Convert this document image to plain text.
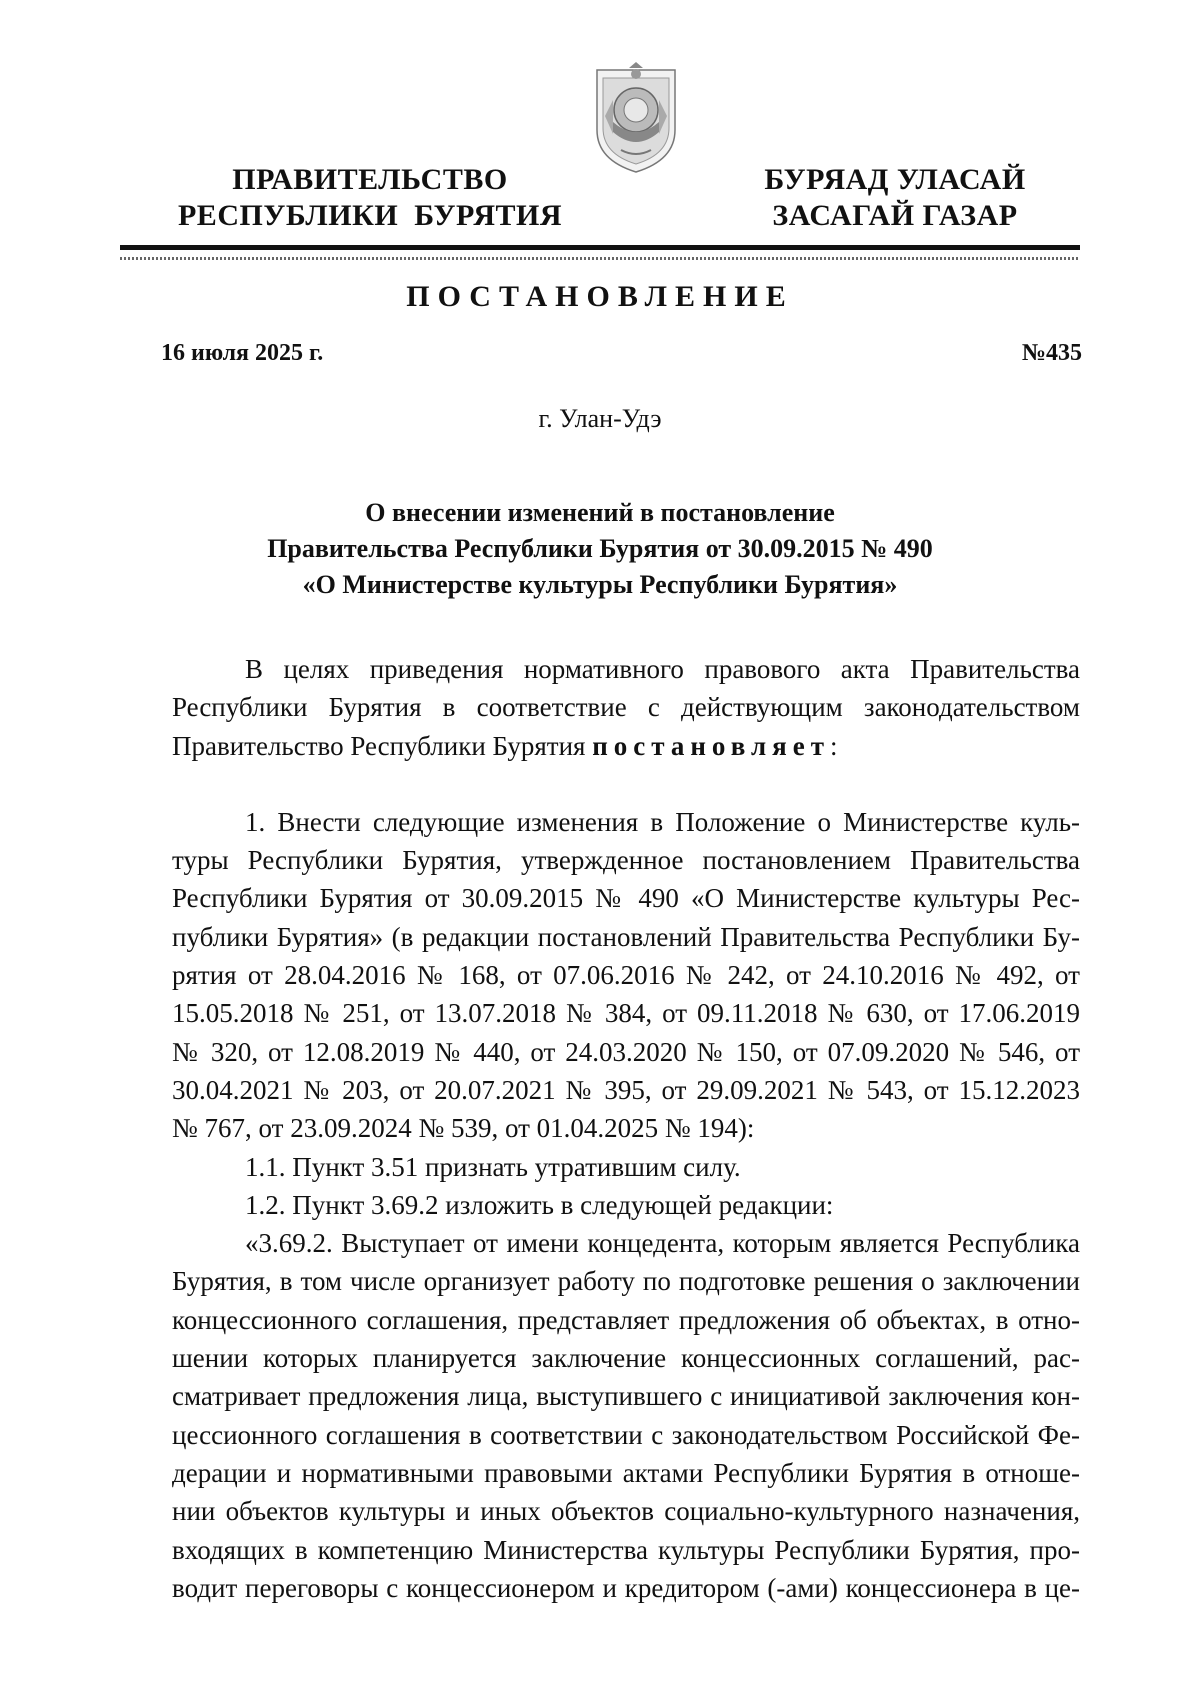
ПРАВИТЕЛЬСТВО
РЕСПУБЛИКИ  БУРЯТИЯ
БУРЯАД УЛАСАЙ
ЗАСАГАЙ ГАЗАР
ПОСТАНОВЛЕНИЕ
16 июля 2025 г.	№435
г. Улан-Удэ
О внесении изменений в постановление
Правительства Республики Бурятия от 30.09.2015 № 490
«О Министерстве культуры Республики Бурятия»
В целях приведения нормативного правового акта Правительства
Республики Бурятия в соответствие с действующим законодательством
Правительство Республики Бурятия постановляет:
1. Внести следующие изменения в Положение о Министерстве куль-
туры Республики Бурятия, утвержденное постановлением Правительства
Республики Бурятия от 30.09.2015 № 490 «О Министерстве культуры Рес-
публики Бурятия» (в редакции постановлений Правительства Республики Бу-
рятия от 28.04.2016 № 168, от 07.06.2016 № 242, от 24.10.2016 № 492, от
15.05.2018 № 251, от 13.07.2018 № 384, от 09.11.2018 № 630, от 17.06.2019
№ 320, от 12.08.2019 № 440, от 24.03.2020 № 150, от 07.09.2020 № 546, от
30.04.2021 № 203, от 20.07.2021 № 395, от 29.09.2021 № 543, от 15.12.2023
№ 767, от 23.09.2024 № 539, от 01.04.2025 № 194):
1.1. Пункт 3.51 признать утратившим силу.
1.2. Пункт 3.69.2 изложить в следующей редакции:
«3.69.2. Выступает от имени концедента, которым является Республика
Бурятия, в том числе организует работу по подготовке решения о заключении
концессионного соглашения, представляет предложения об объектах, в отно-
шении которых планируется заключение концессионных соглашений, рас-
сматривает предложения лица, выступившего с инициативой заключения кон-
цессионного соглашения в соответствии с законодательством Российской Фе-
дерации и нормативными правовыми актами Республики Бурятия в отноше-
нии объектов культуры и иных объектов социально-культурного назначения,
входящих в компетенцию Министерства культуры Республики Бурятия, про-
водит переговоры с концессионером и кредитором (-ами) концессионера в це-
